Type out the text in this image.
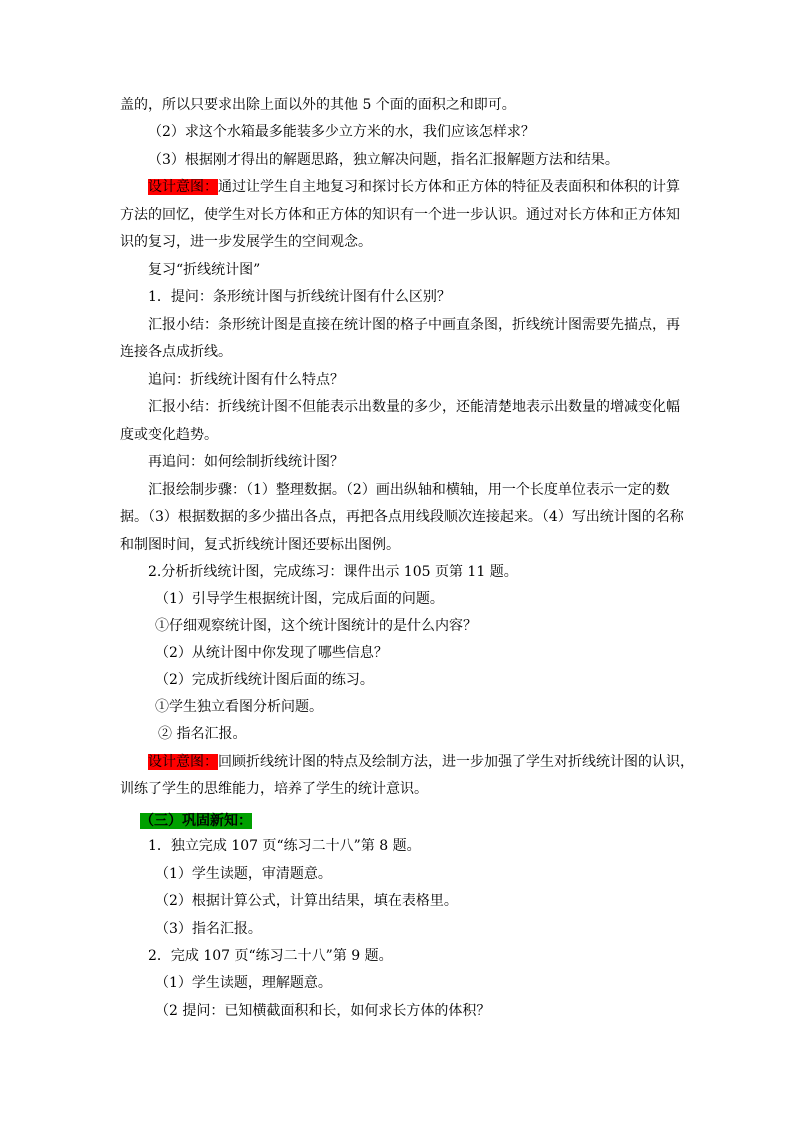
盖的，所以只要求出除上面以外的其他 5 个面的面积之和即可。
（2）求这个水箱最多能装多少立方米的水，我们应该怎样求？
（3）根据刚才得出的解题思路，独立解决问题，指名汇报解题方法和结果。
设计意图：通过让学生自主地复习和探讨长方体和正方体的特征及表面积和体积的计算
方法的回忆，使学生对长方体和正方体的知识有一个进一步认识。通过对长方体和正方体知
识的复习，进一步发展学生的空间观念。
复习“折线统计图”
1．提问：条形统计图与折线统计图有什么区别？
汇报小结：条形统计图是直接在统计图的格子中画直条图，折线统计图需要先描点，再
连接各点成折线。
追问：折线统计图有什么特点？
汇报小结：折线统计图不但能表示出数量的多少，还能清楚地表示出数量的增减变化幅
度或变化趋势。
再追问：如何绘制折线统计图？
汇报绘制步骤：（1）整理数据。（2）画出纵轴和横轴，用一个长度单位表示一定的数
据。（3）根据数据的多少描出各点，再把各点用线段顺次连接起来。（4）写出统计图的名称
和制图时间，复式折线统计图还要标出图例。
2.分析折线统计图，完成练习：课件出示 105 页第 11 题。
（1）引导学生根据统计图，完成后面的问题。
①仔细观察统计图，这个统计图统计的是什么内容？
（2）从统计图中你发现了哪些信息？
（2）完成折线统计图后面的练习。
①学生独立看图分析问题。
② 指名汇报。
设计意图：回顾折线统计图的特点及绘制方法，进一步加强了学生对折线统计图的认识，
训练了学生的思维能力，培养了学生的统计意识。
（三）巩固新知：
1．独立完成 107 页“练习二十八”第 8 题。
（1）学生读题，审清题意。
（2）根据计算公式，计算出结果，填在表格里。
（3）指名汇报。
2．完成 107 页“练习二十八”第 9 题。
（1）学生读题，理解题意。
（2 提问：已知横截面积和长，如何求长方体的体积？
